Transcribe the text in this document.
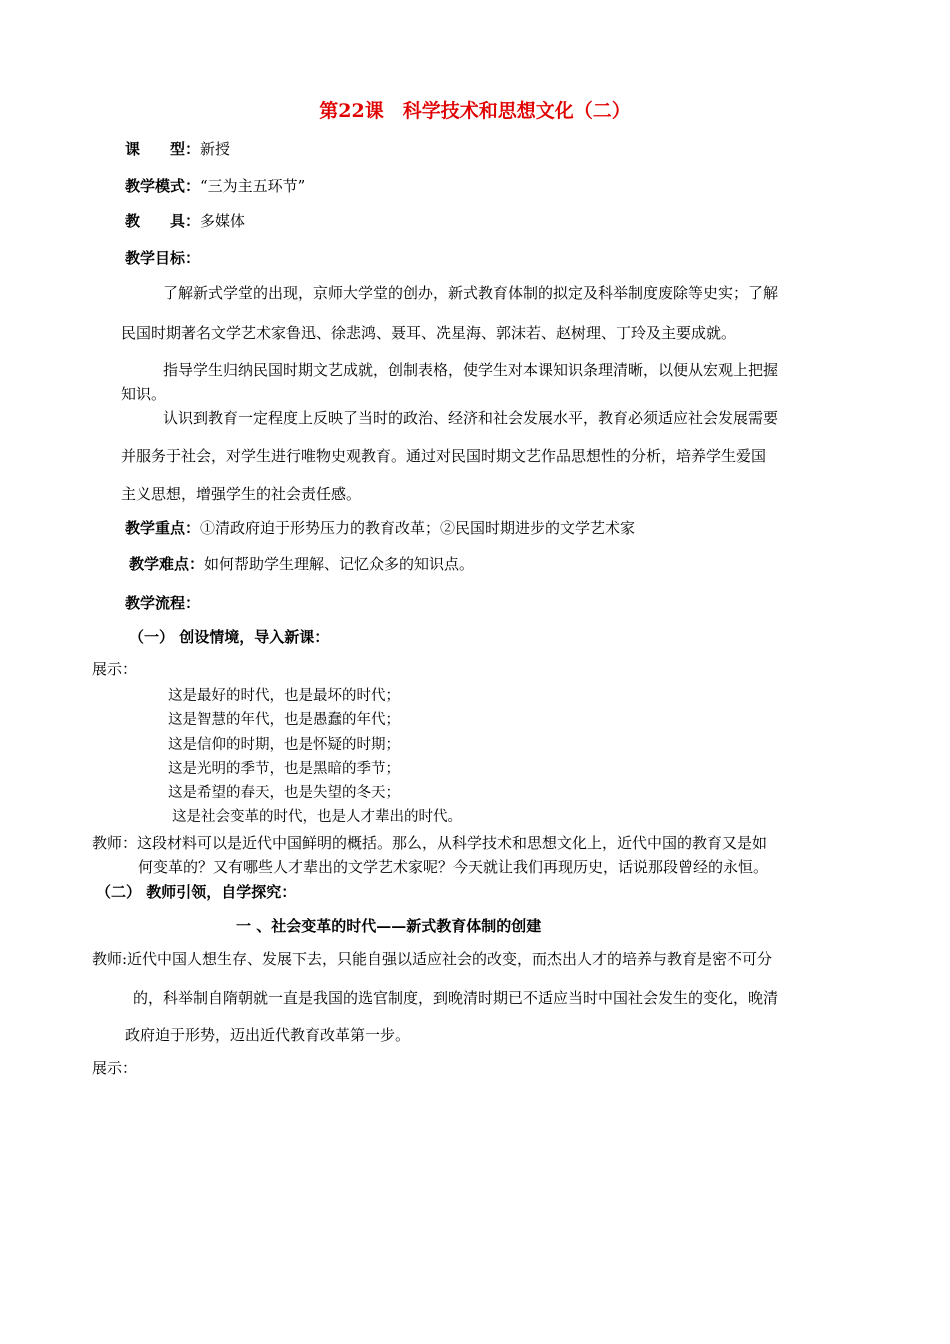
第22课　科学技术和思想文化（二）
课　　型：新授
教学模式：“三为主五环节”
教　　具：多媒体
教学目标：
了解新式学堂的出现，京师大学堂的创办，新式教育体制的拟定及科举制度废除等史实；了解
民国时期著名文学艺术家鲁迅、徐悲鸿、聂耳、冼星海、郭沫若、赵树理、丁玲及主要成就。
指导学生归纳民国时期文艺成就，创制表格，使学生对本课知识条理清晰，以便从宏观上把握
知识。
认识到教育一定程度上反映了当时的政治、经济和社会发展水平，教育必须适应社会发展需要
并服务于社会，对学生进行唯物史观教育。通过对民国时期文艺作品思想性的分析，培养学生爱国
主义思想，增强学生的社会责任感。
教学重点：①清政府迫于形势压力的教育改革；②民国时期进步的文学艺术家
教学难点：如何帮助学生理解、记忆众多的知识点。
教学流程：
（一） 创设情境，导入新课：
展示：
这是最好的时代，也是最坏的时代；
这是智慧的年代，也是愚蠢的年代；
这是信仰的时期，也是怀疑的时期；
这是光明的季节，也是黑暗的季节；
这是希望的春天，也是失望的冬天；
这是社会变革的时代，也是人才辈出的时代。
教师：这段材料可以是近代中国鲜明的概括。那么，从科学技术和思想文化上，近代中国的教育又是如
何变革的？又有哪些人才辈出的文学艺术家呢？今天就让我们再现历史，话说那段曾经的永恒。
（二） 教师引领，自学探究：
一 、社会变革的时代——新式教育体制的创建
教师:近代中国人想生存、发展下去，只能自强以适应社会的改变，而杰出人才的培养与教育是密不可分
的，科举制自隋朝就一直是我国的选官制度，到晚清时期已不适应当时中国社会发生的变化，晚清
政府迫于形势，迈出近代教育改革第一步。
展示：
